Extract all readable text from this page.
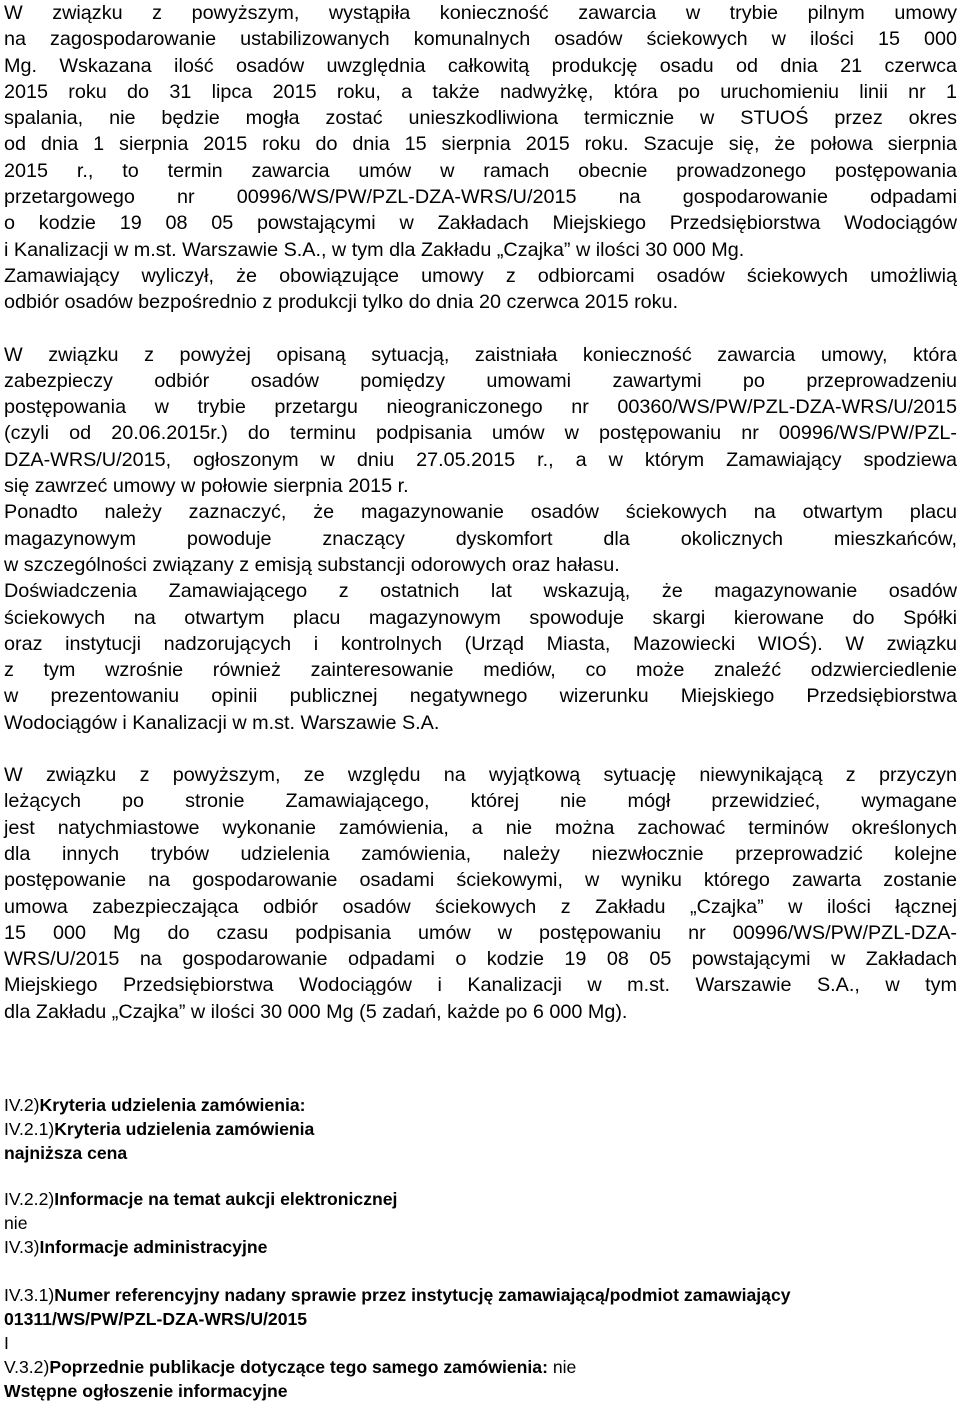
W związku z powyższym, wystąpiła konieczność zawarcia w trybie pilnym umowy
na zagospodarowanie ustabilizowanych komunalnych osadów ściekowych w ilości 15 000
Mg. Wskazana ilość osadów uwzględnia całkowitą produkcję osadu od dnia 21 czerwca
2015 roku do 31 lipca 2015 roku, a także nadwyżkę, która po uruchomieniu linii nr 1
spalania, nie będzie mogła zostać unieszkodliwiona termicznie w STUOŚ przez okres
od dnia 1 sierpnia 2015 roku do dnia 15 sierpnia 2015 roku. Szacuje się, że połowa sierpnia
2015 r., to termin zawarcia umów w ramach obecnie prowadzonego postępowania
przetargowego nr 00996/WS/PW/PZL-DZA-WRS/U/2015 na gospodarowanie odpadami
o kodzie 19 08 05 powstającymi w Zakładach Miejskiego Przedsiębiorstwa Wodociągów
i Kanalizacji w m.st. Warszawie S.A., w tym dla Zakładu „Czajka” w ilości 30 000 Mg.
Zamawiający wyliczył, że obowiązujące umowy z odbiorcami osadów ściekowych umożliwią
odbiór osadów bezpośrednio z produkcji tylko do dnia 20 czerwca 2015 roku.

W związku z powyżej opisaną sytuacją, zaistniała konieczność zawarcia umowy, która
zabezpieczy odbiór osadów pomiędzy umowami zawartymi po przeprowadzeniu
postępowania w trybie przetargu nieograniczonego nr 00360/WS/PW/PZL-DZA-WRS/U/2015
(czyli od 20.06.2015r.) do terminu podpisania umów w postępowaniu nr 00996/WS/PW/PZL-
DZA-WRS/U/2015, ogłoszonym w dniu 27.05.2015 r., a w którym Zamawiający spodziewa
się zawrzeć umowy w połowie sierpnia 2015 r.
Ponadto należy zaznaczyć, że magazynowanie osadów ściekowych na otwartym placu
magazynowym powoduje znaczący dyskomfort dla okolicznych mieszkańców,
w szczególności związany z emisją substancji odorowych oraz hałasu.
Doświadczenia Zamawiającego z ostatnich lat wskazują, że magazynowanie osadów
ściekowych na otwartym placu magazynowym spowoduje skargi kierowane do Spółki
oraz instytucji nadzorujących i kontrolnych (Urząd Miasta, Mazowiecki WIOŚ). W związku
z tym wzrośnie również zainteresowanie mediów, co może znaleźć odzwierciedlenie
w prezentowaniu opinii publicznej negatywnego wizerunku Miejskiego Przedsiębiorstwa
Wodociągów i Kanalizacji w m.st. Warszawie S.A.

W związku z powyższym, ze względu na wyjątkową sytuację niewynikającą z przyczyn
leżących po stronie Zamawiającego, której nie mógł przewidzieć, wymagane
jest natychmiastowe wykonanie zamówienia, a nie można zachować terminów określonych
dla innych trybów udzielenia zamówienia, należy niezwłocznie przeprowadzić kolejne
postępowanie na gospodarowanie osadami ściekowymi, w wyniku którego zawarta zostanie
umowa zabezpieczająca odbiór osadów ściekowych z Zakładu „Czajka” w ilości łącznej
15 000 Mg do czasu podpisania umów w postępowaniu nr 00996/WS/PW/PZL-DZA-
WRS/U/2015 na gospodarowanie odpadami o kodzie 19 08 05 powstającymi w Zakładach
Miejskiego Przedsiębiorstwa Wodociągów i Kanalizacji w m.st. Warszawie S.A., w tym
dla Zakładu „Czajka” w ilości 30 000 Mg (5 zadań, każde po 6 000 Mg).

IV.2)Kryteria udzielenia zamówienia:

IV.2.1)Kryteria udzielenia zamówienia

najniższa cena

IV.2.2)Informacje na temat aukcji elektronicznej

nie

IV.3)Informacje administracyjne

IV.3.1)Numer referencyjny nadany sprawie przez instytucję zamawiającą/podmiot zamawiający

01311/WS/PW/PZL-DZA-WRS/U/2015

I

V.3.2)Poprzednie publikacje dotyczące tego samego zamówienia: nie

Wstępne ogłoszenie informacyjne
